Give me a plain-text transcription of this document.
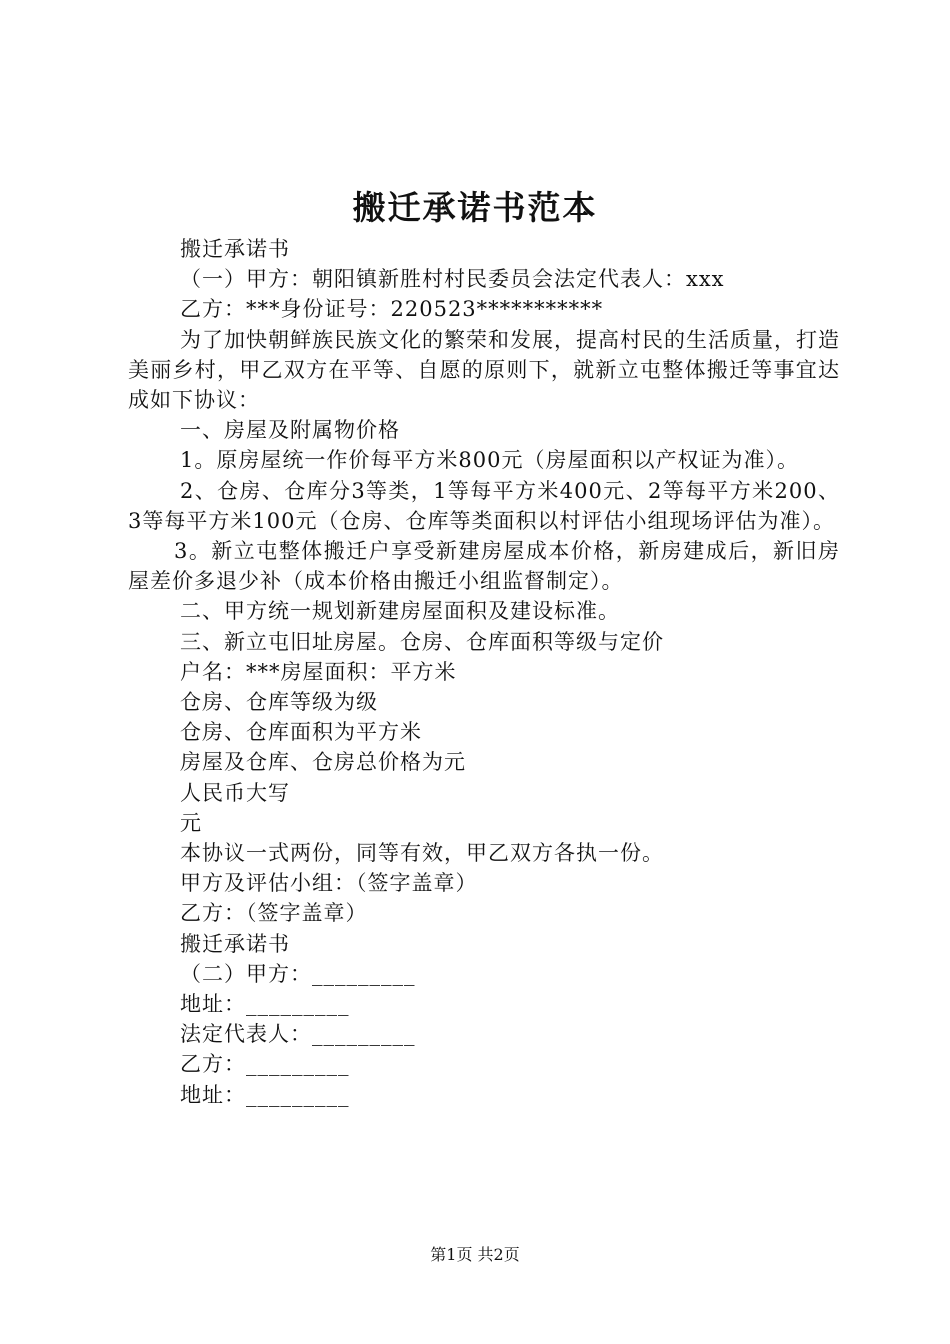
搬迁承诺书范本
搬迁承诺书
（一）甲方：朝阳镇新胜村村民委员会法定代表人：xxx
乙方：***身份证号：220523***********
为了加快朝鲜族民族文化的繁荣和发展，提高村民的生活质量，打造美丽乡村，甲乙双方在平等、自愿的原则下，就新立屯整体搬迁等事宜达成如下协议：
一、房屋及附属物价格
1。原房屋统一作价每平方米800元（房屋面积以产权证为准）。
2、仓房、仓库分3等类，1等每平方米400元、2等每平方米200、3等每平方米100元（仓房、仓库等类面积以村评估小组现场评估为准）。
3。新立屯整体搬迁户享受新建房屋成本价格，新房建成后，新旧房屋差价多退少补（成本价格由搬迁小组监督制定）。
二、甲方统一规划新建房屋面积及建设标准。
三、新立屯旧址房屋。仓房、仓库面积等级与定价
户名：***房屋面积：平方米
仓房、仓库等级为级
仓房、仓库面积为平方米
房屋及仓库、仓房总价格为元
人民币大写
元
本协议一式两份，同等有效，甲乙双方各执一份。
甲方及评估小组：（签字盖章）
乙方：（签字盖章）
搬迁承诺书
（二）甲方：_________
地址：_________
法定代表人：_________
乙方：_________
地址：_________
第1页 共2页
